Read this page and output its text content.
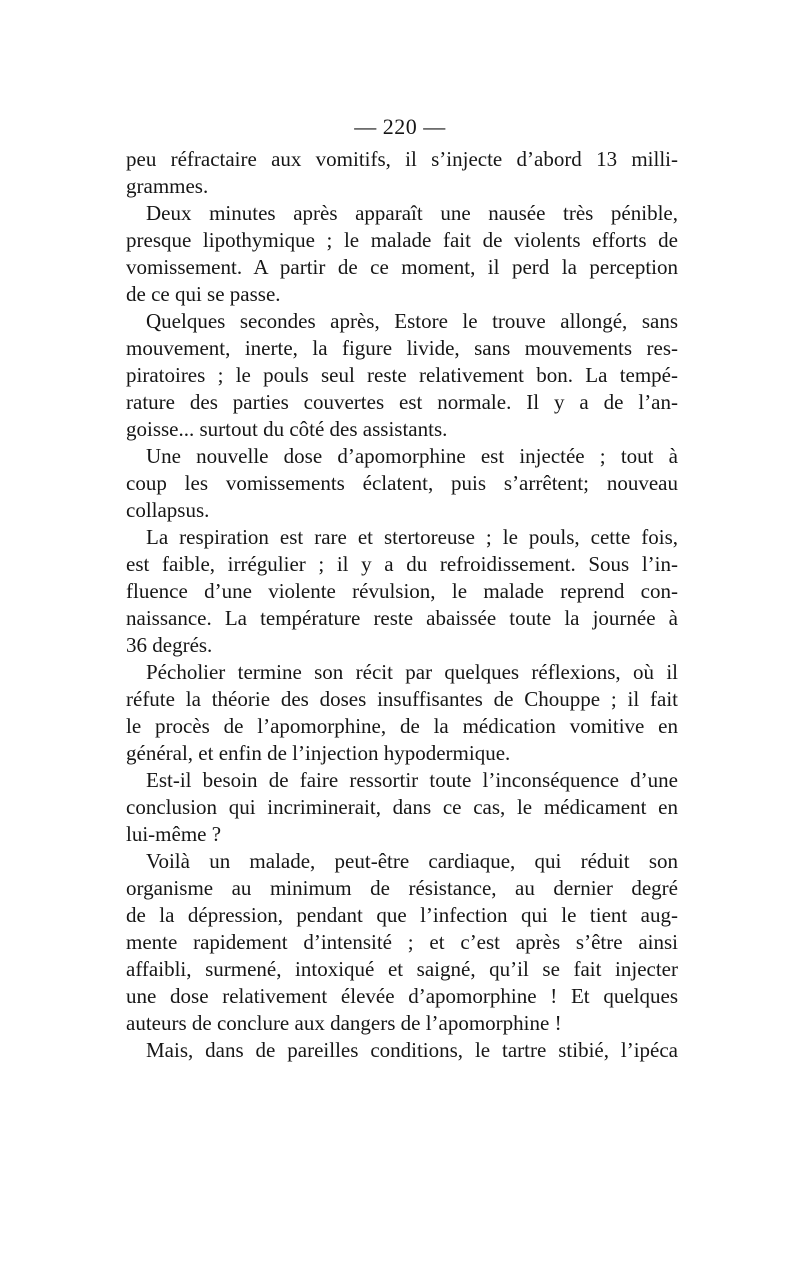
— 220 —
peu réfractaire aux vomitifs, il s’injecte d’abord 13 milli-
grammes.
Deux minutes après apparaît une nausée très pénible,
presque lipothymique ; le malade fait de violents efforts de
vomissement. A partir de ce moment, il perd la perception
de ce qui se passe.
Quelques secondes après, Estore le trouve allongé, sans
mouvement, inerte, la figure livide, sans mouvements res-
piratoires ; le pouls seul reste relativement bon. La tempé-
rature des parties couvertes est normale. Il y a de l’an-
goisse... surtout du côté des assistants.
Une nouvelle dose d’apomorphine est injectée ; tout à
coup les vomissements éclatent, puis s’arrêtent; nouveau
collapsus.
La respiration est rare et stertoreuse ; le pouls, cette fois,
est faible, irrégulier ; il y a du refroidissement. Sous l’in-
fluence d’une violente révulsion, le malade reprend con-
naissance. La température reste abaissée toute la journée à
36 degrés.
Pécholier termine son récit par quelques réflexions, où il
réfute la théorie des doses insuffisantes de Chouppe ; il fait
le procès de l’apomorphine, de la médication vomitive en
général, et enfin de l’injection hypodermique.
Est-il besoin de faire ressortir toute l’inconséquence d’une
conclusion qui incriminerait, dans ce cas, le médicament en
lui-même ?
Voilà un malade, peut-être cardiaque, qui réduit son
organisme au minimum de résistance, au dernier degré
de la dépression, pendant que l’infection qui le tient aug-
mente rapidement d’intensité ; et c’est après s’être ainsi
affaibli, surmené, intoxiqué et saigné, qu’il se fait injecter
une dose relativement élevée d’apomorphine ! Et quelques
auteurs de conclure aux dangers de l’apomorphine !
Mais, dans de pareilles conditions, le tartre stibié, l’ipéca
